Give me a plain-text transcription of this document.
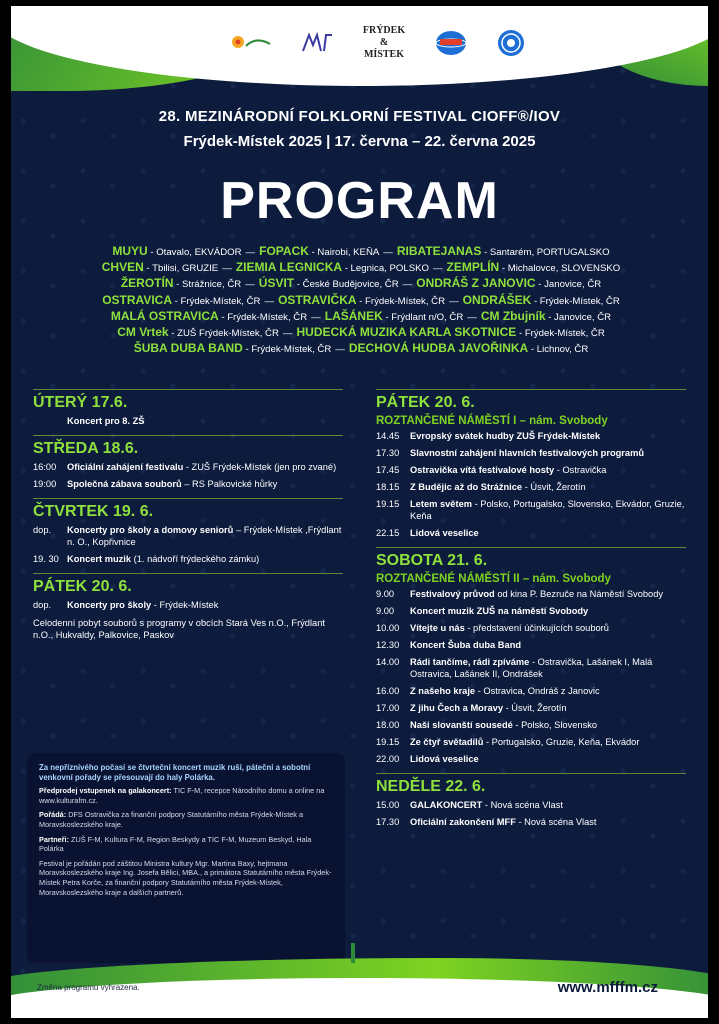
FRÝDEK
&
MÍSTEK
28. MEZINÁRODNÍ FOLKLORNÍ FESTIVAL CIOFF®/IOV
Frýdek-Místek 2025 | 17. června – 22. června 2025
PROGRAM
MUYU - Otavalo, EKVÁDOR — FOPACK - Nairobi, KEŇA — RIBATEJANAS - Santarém, PORTUGALSKO
CHVEN - Tbilisi, GRUZIE — ZIEMIA LEGNICKA - Legnica, POLSKO — ZEMPLÍN - Michalovce, SLOVENSKO
ŽEROTÍN - Strážnice, ČR — ÚSVIT - České Budějovice, ČR — ONDRÁŠ Z JANOVIC - Janovice, ČR
OSTRAVICA - Frýdek-Místek, ČR — OSTRAVIČKA - Frýdek-Místek, ČR — ONDRÁŠEK - Frýdek-Místek, ČR
MALÁ OSTRAVICA - Frýdek-Místek, ČR — LAŠÁNEK - Frýdlant n/O, ČR — CM Zbujník - Janovice, ČR
CM Vrtek - ZUŠ Frýdek-Místek, ČR — HUDECKÁ MUZIKA KARLA SKOTNICE - Frýdek-Místek, ČR
ŠUBA DUBA BAND - Frýdek-Místek, ČR — DECHOVÁ HUDBA JAVOŘINKA - Lichnov, ČR
ÚTERÝ 17.6.
Koncert pro 8. ZŠ
STŘEDA 18.6.
16:00	Oficiální zahájení festivalu - ZUŠ Frýdek-Místek (jen pro zvané)
19:00	Společná zábava souborů – RS Palkovické hůrky
ČTVRTEK 19. 6.
dop.	Koncerty pro školy a domovy seniorů – Frýdek-Místek ,Frýdlant n. O., Kopřivnice
19. 30 Koncert muzik (1. nádvoří frýdeckého zámku)
PÁTEK 20. 6.
dop.	Koncerty pro školy - Frýdek-Místek
Celodenní pobyt souborů s programy v obcích Stará Ves n.O., Frýdlant n.O., Hukvaldy, Palkovice, Paskov
PÁTEK 20. 6.
ROZTANČENÉ NÁMĚSTÍ I – nám. Svobody
14.45	Evropský svátek hudby ZUŠ Frýdek-Místek
17.30	Slavnostní zahájení hlavních festivalových programů
17.45	Ostravička vítá festivalové hosty - Ostravička
18.15	Z Budějic až do Strážnice - Úsvit, Žerotín
19.15	Letem světem - Polsko, Portugalsko, Slovensko, Ekvádor, Gruzie, Keňa
22.15	Lidová veselice
SOBOTA 21. 6.
ROZTANČENÉ NÁMĚSTÍ II – nám. Svobody
9.00	Festivalový průvod od kina P. Bezruče na Náměstí Svobody
9.00	Koncert muzik ZUŠ na náměstí Svobody
10.00	Vítejte u nás - představení účinkujících souborů
12.30	Koncert Šuba duba Band
14.00	Rádi tančíme, rádi zpíváme - Ostravička, Lašánek I, Malá Ostravica, Lašánek II, Ondrášek
16.00	Z našeho kraje - Ostravica, Ondráš z Janovic
17.00	Z jihu Čech a Moravy - Úsvit, Žerotín
18.00	Naši slovanští sousedé - Polsko, Slovensko
19.15	Ze čtyř světadílů - Portugalsko, Gruzie, Keňa, Ekvádor
22.00	Lidová veselice
NEDĚLE 22. 6.
15.00	GALAKONCERT - Nová scéna Vlast
17.30	Oficiální zakončení MFF - Nová scéna Vlast

Za nepříznivého počasí se čtvrteční koncert muzik ruší, páteční a sobotní venkovní pořady se přesouvají do haly Polárka.

Předprodej vstupenek na galakoncert: TIC F-M, recepce Národního domu a online na www.kulturafm.cz.

Pořádá: DFS Ostravička za finanční podpory Statutárního města Frýdek-Místek a Moravskoslezského kraje.

Partneři: ZUŠ F-M, Kultura F-M, Region Beskydy a TIC F-M, Muzeum Beskyd, Hala Polárka

Festival je pořádán pod záštitou Ministra kultury Mgr. Martina Baxy, hejtmana Moravskoslezského kraje Ing. Josefa Bělici, MBA., a primátora Statutárního města Frýdek-Místek Petra Korče, za finanční podpory Statutárního města Frýdek-Místek, Moravskoslezského kraje a dalších partnerů.

Změna programu vyhrazena.	www.mfffm.cz
